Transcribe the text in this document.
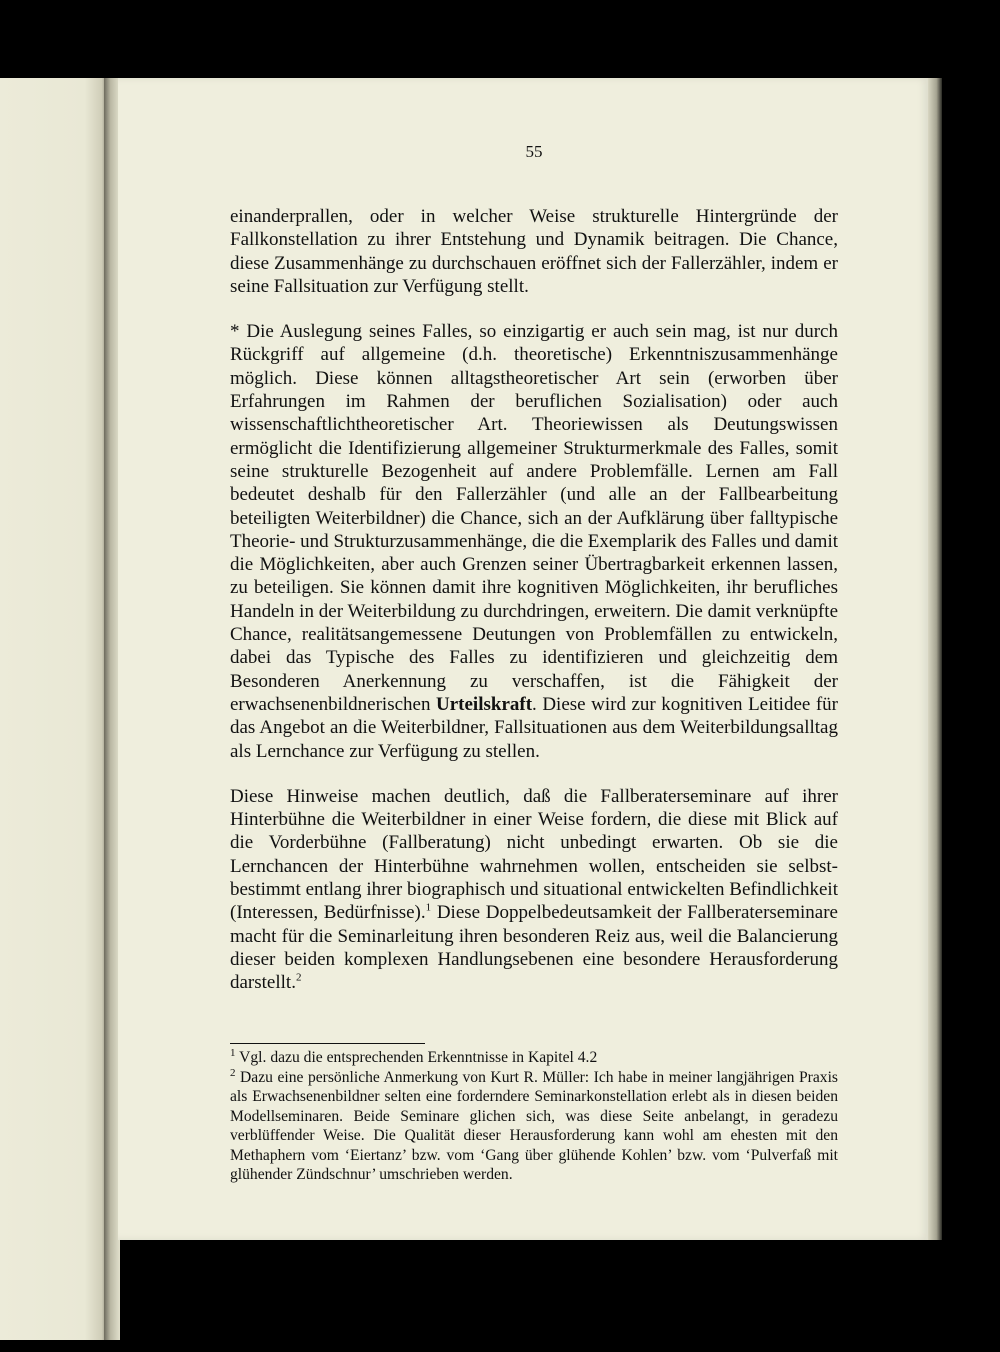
55

einanderprallen, oder in welcher Weise strukturelle Hintergründe der Fallkonstellation zu ihrer Entstehung und Dynamik beitragen. Die Chance, diese Zusammenhänge zu durchschauen eröffnet sich der Fallerzähler, indem er seine Fallsituation zur Verfügung stellt.

* Die Auslegung seines Falles, so einzigartig er auch sein mag, ist nur durch Rückgriff auf allgemeine (d.h. theoretische) Erkenntniszusammenhänge möglich. Diese können alltagstheoretischer Art sein (erworben über Erfahrungen im Rahmen der beruflichen Sozialisation) oder auch wissenschaftlichtheoretischer Art. Theoriewissen als Deutungswissen ermöglicht die Identifizierung allgemeiner Strukturmerkmale des Falles, somit seine strukturelle Bezogenheit auf andere Problemfälle. Lernen am Fall bedeutet deshalb für den Fallerzähler (und alle an der Fallbearbeitung beteiligten Weiterbildner) die Chance, sich an der Aufklärung über falltypische Theorie- und Strukturzusammenhänge, die die Exemplarik des Falles und damit die Möglichkeiten, aber auch Grenzen seiner Übertragbarkeit erkennen lassen, zu beteiligen. Sie können damit ihre kognitiven Möglichkeiten, ihr berufliches Handeln in der Weiterbildung zu durchdringen, erweitern. Die damit verknüpfte Chance, realitätsangemessene Deutungen von Problemfällen zu entwickeln, dabei das Typische des Falles zu identifizieren und gleichzeitig dem Besonderen Anerkennung zu verschaffen, ist die Fähigkeit der erwachsenenbildnerischen Urteilskraft. Diese wird zur kognitiven Leitidee für das Angebot an die Weiterbildner, Fallsituationen aus dem Weiterbildungsalltag als Lernchance zur Verfügung zu stellen.

Diese Hinweise machen deutlich, daß die Fallberaterseminare auf ihrer Hinterbühne die Weiterbildner in einer Weise fordern, die diese mit Blick auf die Vorderbühne (Fallberatung) nicht unbedingt erwarten. Ob sie die Lernchancen der Hinterbühne wahrnehmen wollen, entscheiden sie selbst-bestimmt entlang ihrer biographisch und situational entwickelten Befindlichkeit (Interessen, Bedürfnisse).$^1$ Diese Doppelbedeutsamkeit der Fallberaterseminare macht für die Seminarleitung ihren besonderen Reiz aus, weil die Balancierung dieser beiden komplexen Handlungsebenen eine besondere Herausforderung darstellt.$^2$

$^1$ Vgl. dazu die entsprechenden Erkenntnisse in Kapitel 4.2

$^2$ Dazu eine persönliche Anmerkung von Kurt R. Müller: Ich habe in meiner langjährigen Praxis als Erwachsenenbildner selten eine forderndere Seminarkonstellation erlebt als in diesen beiden Modellseminaren. Beide Seminare glichen sich, was diese Seite anbelangt, in geradezu verblüffender Weise. Die Qualität dieser Herausforderung kann wohl am ehesten mit den Methaphern vom ‘Eiertanz’ bzw. vom ‘Gang über glühende Kohlen’ bzw. vom ‘Pulverfaß mit glühender Zündschnur’ umschrieben werden.
